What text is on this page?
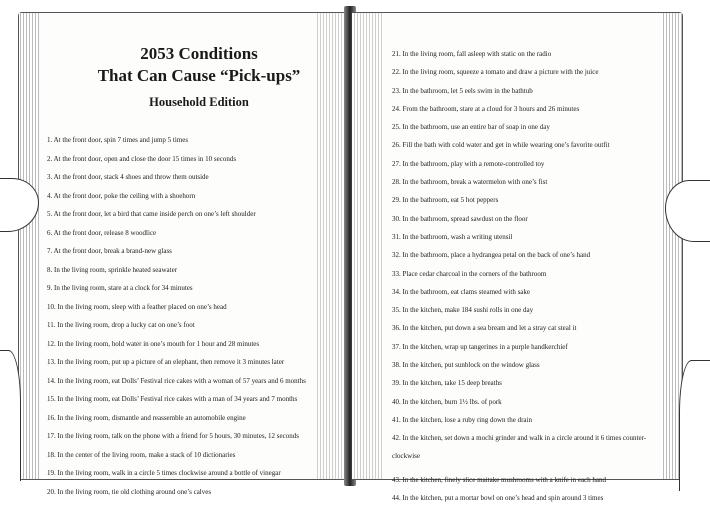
2053 Conditions
That Can Cause “Pick-ups”
Household Edition
1. At the front door, spin 7 times and jump 5 times
2. At the front door, open and close the door 15 times in 10 seconds
3. At the front door, stack 4 shoes and throw them outside
4. At the front door, poke the ceiling with a shoehorn
5. At the front door, let a bird that came inside perch on one’s left shoulder
6. At the front door, release 8 woodlice
7. At the front door, break a brand-new glass
8. In the living room, sprinkle heated seawater
9. In the living room, stare at a clock for 34 minutes
10. In the living room, sleep with a feather placed on one’s head
11. In the living room, drop a lucky cat on one’s foot
12. In the living room, hold water in one’s mouth for 1 hour and 28 minutes
13. In the living room, put up a picture of an elephant, then remove it 3 minutes later
14. In the living room, eat Dolls’ Festival rice cakes with a woman of 57 years and 6 months
15. In the living room, eat Dolls’ Festival rice cakes with a man of 34 years and 7 months
16. In the living room, dismantle and reassemble an automobile engine
17. In the living room, talk on the phone with a friend for 5 hours, 30 minutes, 12 seconds
18. In the center of the living room, make a stack of 10 dictionaries
19. In the living room, walk in a circle 5 times clockwise around a bottle of vinegar
20. In the living room, tie old clothing around one’s calves
21. In the living room, fall asleep with static on the radio
22. In the living room, squeeze a tomato and draw a picture with the juice
23. In the bathroom, let 5 eels swim in the bathtub
24. From the bathroom, stare at a cloud for 3 hours and 26 minutes
25. In the bathroom, use an entire bar of soap in one day
26. Fill the bath with cold water and get in while wearing one’s favorite outfit
27. In the bathroom, play with a remote-controlled toy
28. In the bathroom, break a watermelon with one’s fist
29. In the bathroom, eat 5 hot peppers
30. In the bathroom, spread sawdust on the floor
31. In the bathroom, wash a writing utensil
32. In the bathroom, place a hydrangea petal on the back of one’s hand
33. Place cedar charcoal in the corners of the bathroom
34. In the bathroom, eat clams steamed with sake
35. In the kitchen, make 184 sushi rolls in one day
36. In the kitchen, put down a sea bream and let a stray cat steal it
37. In the kitchen, wrap up tangerines in a purple handkerchief
38. In the kitchen, put sunblock on the window glass
39. In the kitchen, take 15 deep breaths
40. In the kitchen, burn 1½ lbs. of pork
41. In the kitchen, lose a ruby ring down the drain
42. In the kitchen, set down a mochi grinder and walk in a circle around it 6 times counter-clockwise
43. In the kitchen, finely slice maitake mushrooms with a knife in each hand
44. In the kitchen, put a mortar bowl on one’s head and spin around 3 times
